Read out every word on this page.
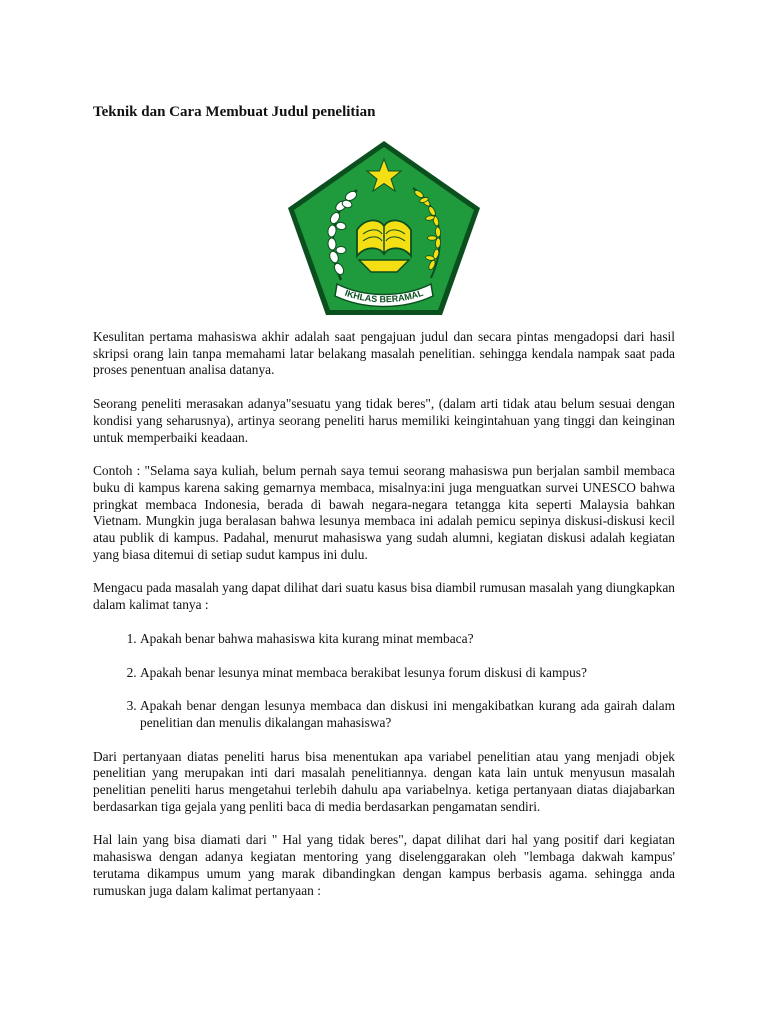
Teknik dan Cara Membuat Judul penelitian
IKHLAS BERAMAL

Kesulitan pertama mahasiswa akhir adalah saat pengajuan judul dan secara pintas mengadopsi dari hasil skripsi orang lain tanpa memahami latar belakang masalah penelitian. sehingga kendala nampak saat pada proses penentuan analisa datanya.

Seorang peneliti merasakan adanya"sesuatu yang tidak beres", (dalam arti tidak atau belum sesuai dengan kondisi yang seharusnya), artinya seorang peneliti harus memiliki keingintahuan yang tinggi dan keinginan untuk memperbaiki keadaan.

Contoh : "Selama saya kuliah, belum pernah saya temui seorang mahasiswa pun berjalan sambil membaca buku di kampus karena saking gemarnya membaca, misalnya:ini juga menguatkan survei UNESCO bahwa pringkat membaca Indonesia, berada di bawah negara-negara tetangga kita seperti Malaysia bahkan Vietnam. Mungkin juga beralasan bahwa lesunya membaca ini adalah pemicu sepinya diskusi-diskusi kecil atau publik di kampus. Padahal, menurut mahasiswa yang sudah alumni, kegiatan diskusi adalah kegiatan yang biasa ditemui di setiap sudut kampus ini dulu.

Mengacu pada masalah yang dapat dilihat dari suatu kasus bisa diambil rumusan masalah yang diungkapkan dalam kalimat tanya :

1. Apakah benar bahwa mahasiswa kita kurang minat membaca?
2. Apakah benar lesunya minat membaca berakibat lesunya forum diskusi di kampus?
3. Apakah benar dengan lesunya membaca dan diskusi ini mengakibatkan kurang ada gairah dalam penelitian dan menulis dikalangan mahasiswa?

Dari pertanyaan diatas peneliti harus bisa menentukan apa variabel penelitian atau yang menjadi objek penelitian yang merupakan inti dari masalah penelitiannya. dengan kata lain untuk menyusun masalah penelitian peneliti harus mengetahui terlebih dahulu apa variabelnya. ketiga pertanyaan diatas diajabarkan berdasarkan tiga gejala yang penliti baca di media berdasarkan pengamatan sendiri.

Hal lain yang bisa diamati dari " Hal yang tidak beres", dapat dilihat dari hal yang positif dari kegiatan mahasiswa dengan adanya kegiatan mentoring yang diselenggarakan oleh "lembaga dakwah kampus' terutama dikampus umum yang marak dibandingkan dengan kampus berbasis agama. sehingga anda rumuskan juga dalam kalimat pertanyaan :
